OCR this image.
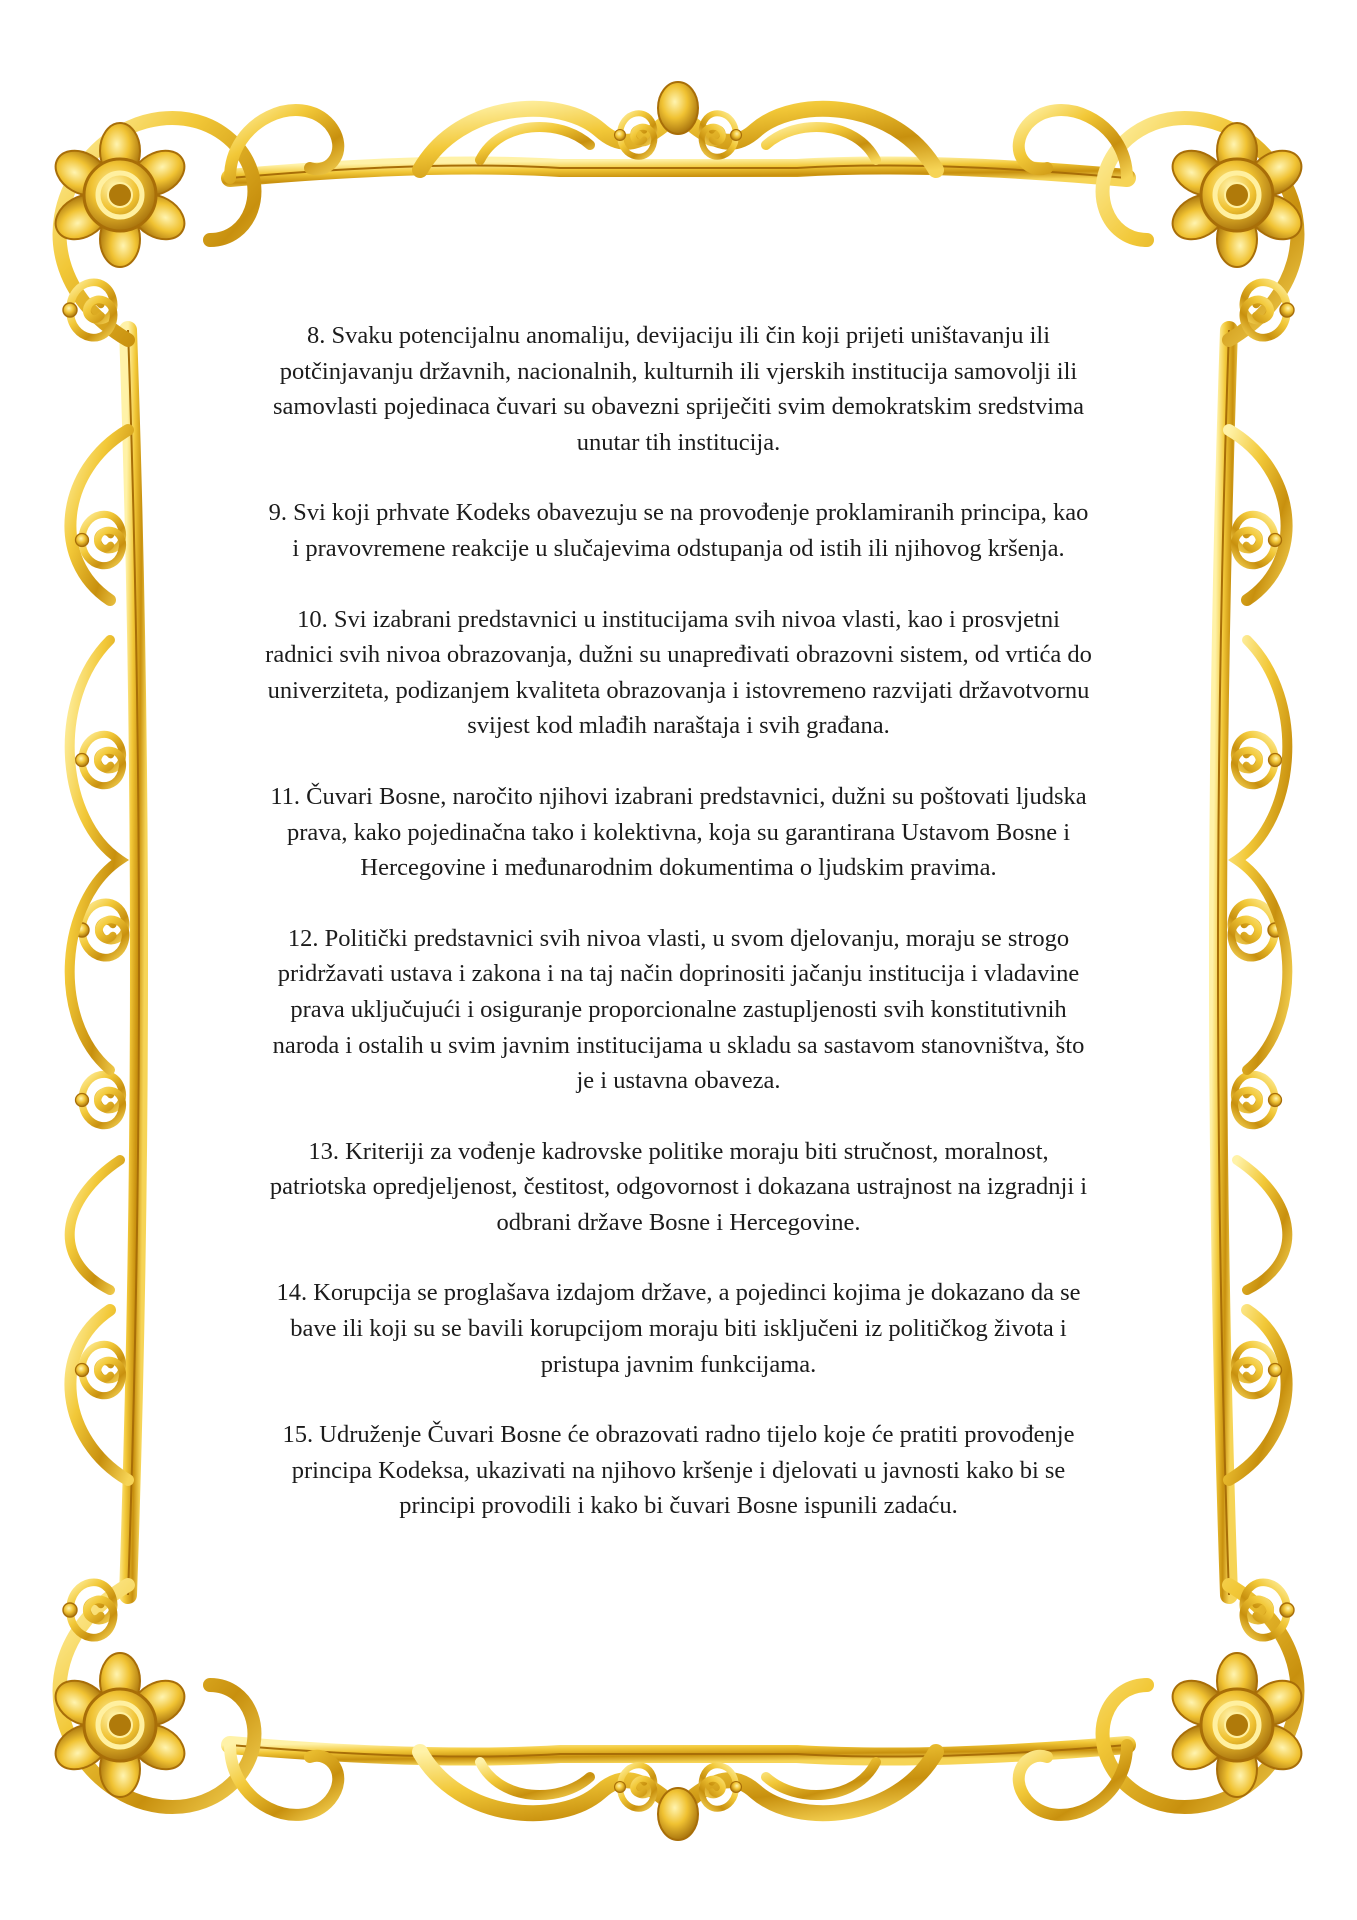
8. Svaku potencijalnu anomaliju, devijaciju ili čin koji prijeti uništavanju ili
potčinjavanju državnih, nacionalnih, kulturnih ili vjerskih institucija samovolji ili
samovlasti pojedinaca čuvari su obavezni spriječiti svim demokratskim sredstvima
unutar tih institucija.

9. Svi koji prhvate Kodeks obavezuju se na provođenje proklamiranih principa, kao
i pravovremene reakcije u slučajevima odstupanja od istih ili njihovog kršenja.

10. Svi izabrani predstavnici u institucijama svih nivoa vlasti, kao i prosvjetni
radnici svih nivoa obrazovanja, dužni su unapređivati obrazovni sistem, od vrtića do
univerziteta, podizanjem kvaliteta obrazovanja i istovremeno razvijati državotvornu
svijest kod mlađih naraštaja i svih građana.

11. Čuvari Bosne, naročito njihovi izabrani predstavnici, dužni su poštovati ljudska
prava, kako pojedinačna tako i kolektivna, koja su garantirana Ustavom Bosne i
Hercegovine i međunarodnim dokumentima o ljudskim pravima.

12. Politički predstavnici svih nivoa vlasti, u svom djelovanju, moraju se strogo
pridržavati ustava i zakona i na taj način doprinositi jačanju institucija i vladavine
prava uključujući i osiguranje proporcionalne zastupljenosti svih konstitutivnih
naroda i ostalih u svim javnim institucijama u skladu sa sastavom stanovništva, što
je i ustavna obaveza.

13. Kriteriji za vođenje kadrovske politike moraju biti stručnost, moralnost,
patriotska opredjeljenost, čestitost, odgovornost i dokazana ustrajnost na izgradnji i
odbrani države Bosne i Hercegovine.

14. Korupcija se proglašava izdajom države, a pojedinci kojima je dokazano da se
bave ili koji su se bavili korupcijom moraju biti isključeni iz političkog života i
pristupa javnim funkcijama.

15. Udruženje Čuvari Bosne će obrazovati radno tijelo koje će pratiti provođenje
principa Kodeksa, ukazivati na njihovo kršenje i djelovati u javnosti kako bi se
principi provodili i kako bi čuvari Bosne ispunili zadaću.
